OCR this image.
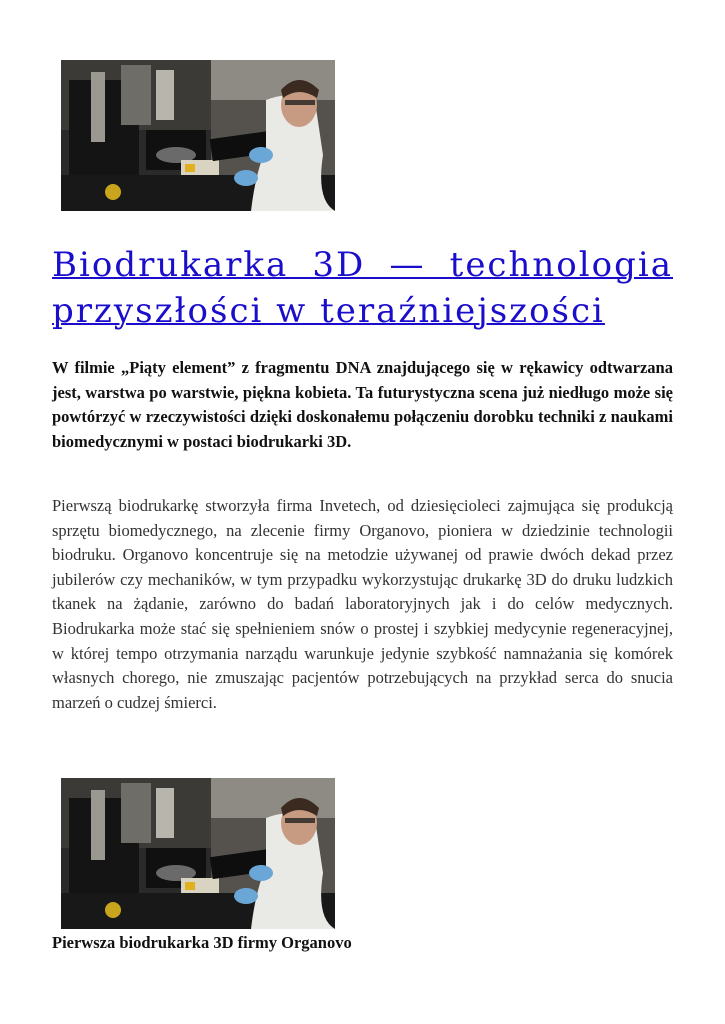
Biodrukarka 3D — technologia
przyszłości w teraźniejszości

W filmie „Piąty element” z fragmentu DNA znajdującego się w rękawicy odtwarzana jest, warstwa po warstwie, piękna kobieta. Ta futurystyczna scena już niedługo może się powtórzyć w rzeczywistości dzięki doskonałemu połączeniu dorobku techniki z naukami biomedycznymi w postaci biodrukarki 3D.

Pierwszą biodrukarkę stworzyła firma Invetech, od dziesięcioleci zajmująca się produkcją sprzętu biomedycznego, na zlecenie firmy Organovo, pioniera w dziedzinie technologii biodruku. Organovo koncentruje się na metodzie używanej od prawie dwóch dekad przez jubilerów czy mechaników, w tym przypadku wykorzystując drukarkę 3D do druku ludzkich tkanek na żądanie, zarówno do badań laboratoryjnych jak i do celów medycznych. Biodrukarka może stać się spełnieniem snów o prostej i szybkiej medycynie regeneracyjnej, w której tempo otrzymania narządu warunkuje jedynie szybkość namnażania się komórek własnych chorego, nie zmuszając pacjentów potrzebujących na przykład serca do snucia marzeń o cudzej śmierci.

Pierwsza biodrukarka 3D firmy Organovo
